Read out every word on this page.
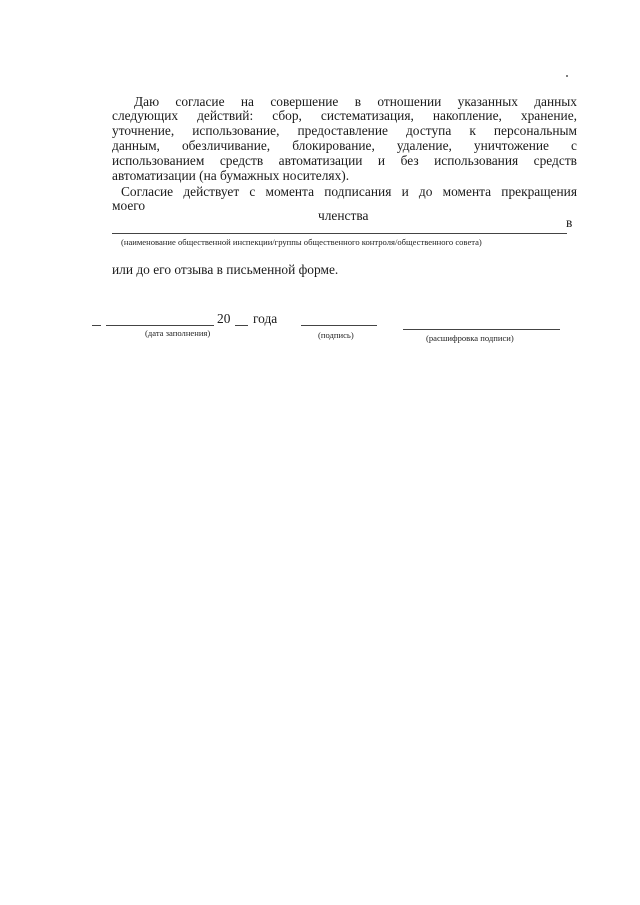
Даю согласие на совершение в отношении указанных данных
следующих действий: сбор, систематизация, накопление, хранение,
уточнение, использование, предоставление доступа к персональным
данным, обезличивание, блокирование, удаление, уничтожение с
использованием средств автоматизации и без использования средств
автоматизации (на бумажных носителях).
Согласие действует с момента подписания и до момента прекращения
моего
членства	в
(наименование общественной инспекции/группы общественного контроля/общественного совета)
или до его отзыва в письменной форме.
20 года
(дата заполнения)	(подпись)	(расшифровка подписи)
